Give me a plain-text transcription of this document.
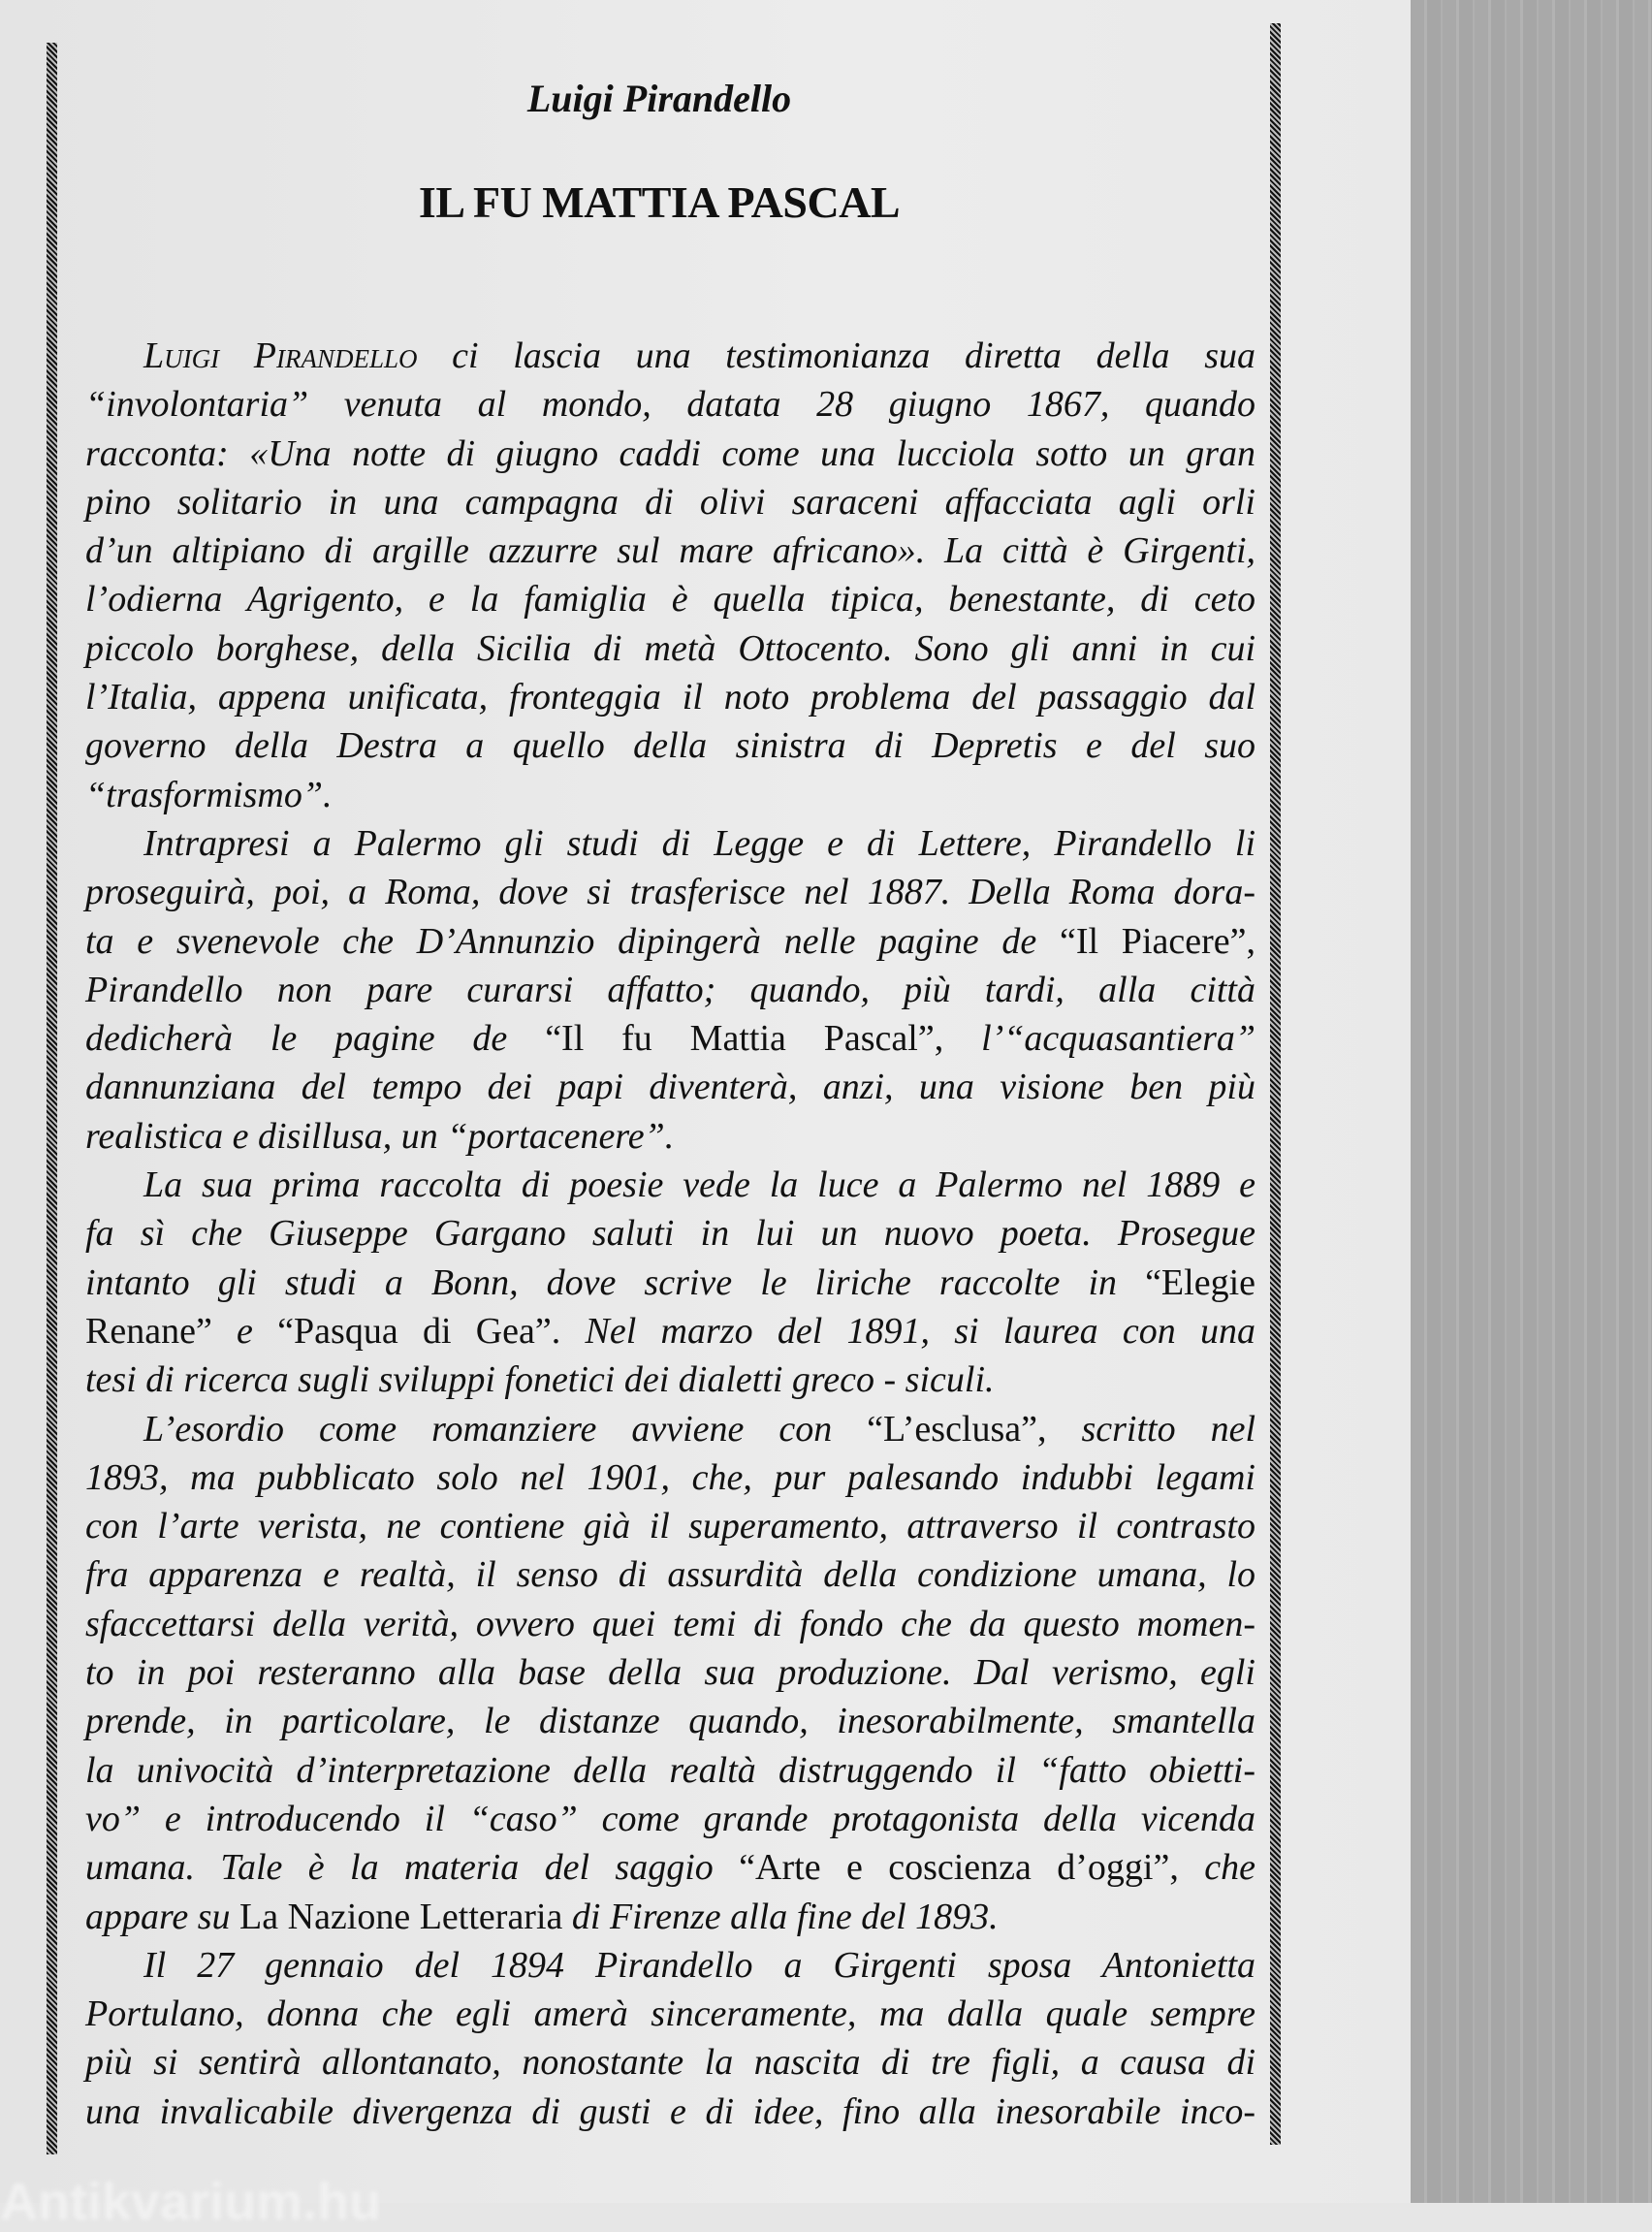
Luigi Pirandello
IL FU MATTIA PASCAL
Luigi Pirandello ci lascia una testimonianza diretta della sua
“involontaria” venuta al mondo, datata 28 giugno 1867, quando
racconta: «Una notte di giugno caddi come una lucciola sotto un gran
pino solitario in una campagna di olivi saraceni affacciata agli orli
d’un altipiano di argille azzurre sul mare africano». La città è Girgenti,
l’odierna Agrigento, e la famiglia è quella tipica, benestante, di ceto
piccolo borghese, della Sicilia di metà Ottocento. Sono gli anni in cui
l’Italia, appena unificata, fronteggia il noto problema del passaggio dal
governo della Destra a quello della sinistra di Depretis e del suo
“trasformismo”.
Intrapresi a Palermo gli studi di Legge e di Lettere, Pirandello li
proseguirà, poi, a Roma, dove si trasferisce nel 1887. Della Roma dora-
ta e svenevole che D’Annunzio dipingerà nelle pagine de “Il Piacere”,
Pirandello non pare curarsi affatto; quando, più tardi, alla città
dedicherà le pagine de “Il fu Mattia Pascal”, l’“acquasantiera”
dannunziana del tempo dei papi diventerà, anzi, una visione ben più
realistica e disillusa, un “portacenere”.
La sua prima raccolta di poesie vede la luce a Palermo nel 1889 e
fa sì che Giuseppe Gargano saluti in lui un nuovo poeta. Prosegue
intanto gli studi a Bonn, dove scrive le liriche raccolte in “Elegie
Renane” e “Pasqua di Gea”. Nel marzo del 1891, si laurea con una
tesi di ricerca sugli sviluppi fonetici dei dialetti greco - siculi.
L’esordio come romanziere avviene con “L’esclusa”, scritto nel
1893, ma pubblicato solo nel 1901, che, pur palesando indubbi legami
con l’arte verista, ne contiene già il superamento, attraverso il contrasto
fra apparenza e realtà, il senso di assurdità della condizione umana, lo
sfaccettarsi della verità, ovvero quei temi di fondo che da questo momen-
to in poi resteranno alla base della sua produzione. Dal verismo, egli
prende, in particolare, le distanze quando, inesorabilmente, smantella
la univocità d’interpretazione della realtà distruggendo il “fatto obietti-
vo” e introducendo il “caso” come grande protagonista della vicenda
umana. Tale è la materia del saggio “Arte e coscienza d’oggi”, che
appare su La Nazione Letteraria di Firenze alla fine del 1893.
Il 27 gennaio del 1894 Pirandello a Girgenti sposa Antonietta
Portulano, donna che egli amerà sinceramente, ma dalla quale sempre
più si sentirà allontanato, nonostante la nascita di tre figli, a causa di
una invalicabile divergenza di gusti e di idee, fino alla inesorabile inco-
Antikvarium.hu
